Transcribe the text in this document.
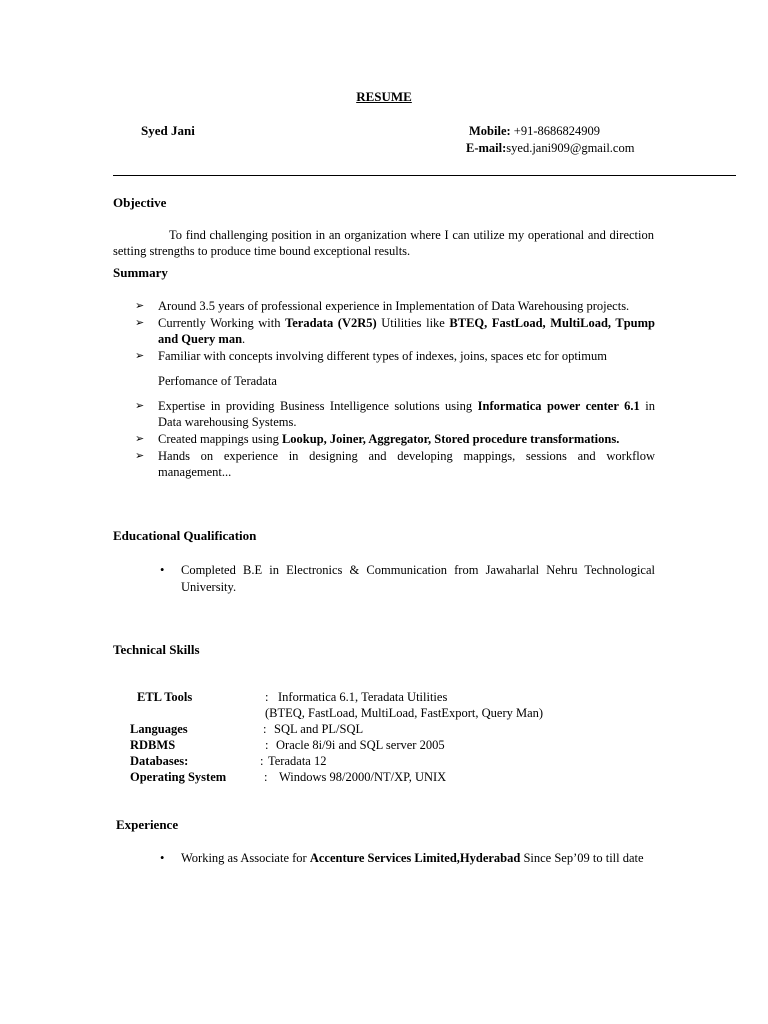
RESUME
Syed Jani	Mobile: +91-8686824909
E-mail:syed.jani909@gmail.com
Objective
To find challenging position in an organization where I can utilize my operational and direction setting strengths to produce time bound exceptional results.
Summary
➢ Around 3.5 years of professional experience in Implementation of Data Warehousing projects.
➢ Currently Working with Teradata (V2R5) Utilities like BTEQ, FastLoad, MultiLoad, Tpump and Query man.
➢ Familiar with concepts involving different types of indexes, joins, spaces etc for optimum
Perfomance of Teradata
➢ Expertise in providing Business Intelligence solutions using Informatica power center 6.1 in Data warehousing Systems.
➢ Created mappings using Lookup, Joiner, Aggregator, Stored procedure transformations.
➢ Hands on experience in designing and developing mappings, sessions and workflow management...
Educational Qualification
• Completed B.E in Electronics & Communication from Jawaharlal Nehru Technological University.
Technical Skills
ETL Tools	: Informatica 6.1, Teradata Utilities
(BTEQ, FastLoad, MultiLoad, FastExport, Query Man)
Languages	: SQL and PL/SQL
RDBMS	: Oracle 8i/9i and SQL server 2005
Databases:	: Teradata 12
Operating System	: Windows 98/2000/NT/XP, UNIX
Experience
• Working as Associate for Accenture Services Limited,Hyderabad Since Sep’09 to till date
